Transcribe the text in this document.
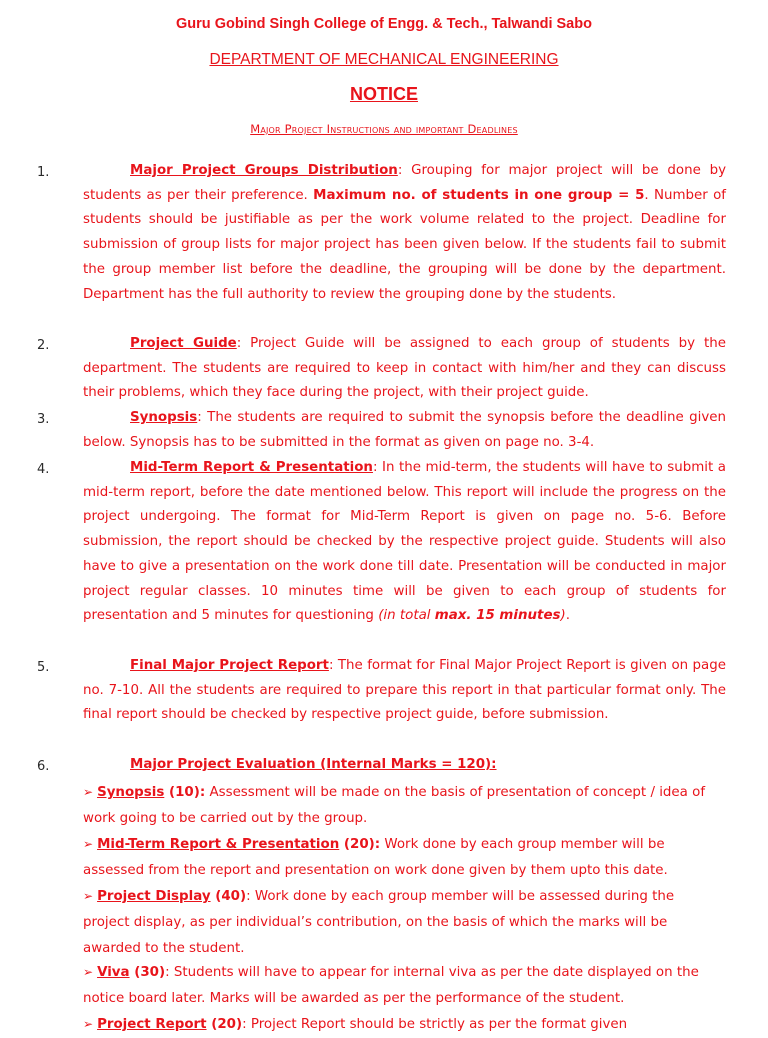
Guru Gobind Singh College of Engg. & Tech., Talwandi Sabo
DEPARTMENT OF MECHANICAL ENGINEERING
NOTICE
Major Project Instructions and important Deadlines
1.	Major Project Groups Distribution: Grouping for major project will be done by students as per their preference. Maximum no. of students in one group = 5. Number of students should be justifiable as per the work volume related to the project. Deadline for submission of group lists for major project has been given below. If the students fail to submit the group member list before the deadline, the grouping will be done by the department. Department has the full authority to review the grouping done by the students.
2.	Project Guide: Project Guide will be assigned to each group of students by the department. The students are required to keep in contact with him/her and they can discuss their problems, which they face during the project, with their project guide.
3.	Synopsis: The students are required to submit the synopsis before the deadline given below. Synopsis has to be submitted in the format as given on page no. 3-4.
4.	Mid-Term Report & Presentation: In the mid-term, the students will have to submit a mid-term report, before the date mentioned below. This report will include the progress on the project undergoing. The format for Mid-Term Report is given on page no. 5-6. Before submission, the report should be checked by the respective project guide. Students will also have to give a presentation on the work done till date. Presentation will be conducted in major project regular classes. 10 minutes time will be given to each group of students for presentation and 5 minutes for questioning (in total max. 15 minutes).
5.	Final Major Project Report: The format for Final Major Project Report is given on page no. 7-10. All the students are required to prepare this report in that particular format only. The final report should be checked by respective project guide, before submission.
6.	Major Project Evaluation (Internal Marks = 120):
➢ Synopsis (10): Assessment will be made on the basis of presentation of concept / idea of work going to be carried out by the group.
➢ Mid-Term Report & Presentation (20): Work done by each group member will be assessed from the report and presentation on work done given by them upto this date.
➢ Project Display (40): Work done by each group member will be assessed during the project display, as per individual’s contribution, on the basis of which the marks will be awarded to the student.
➢ Viva (30): Students will have to appear for internal viva as per the date displayed on the notice board later. Marks will be awarded as per the performance of the student.
➢ Project Report (20): Project Report should be strictly as per the format given
